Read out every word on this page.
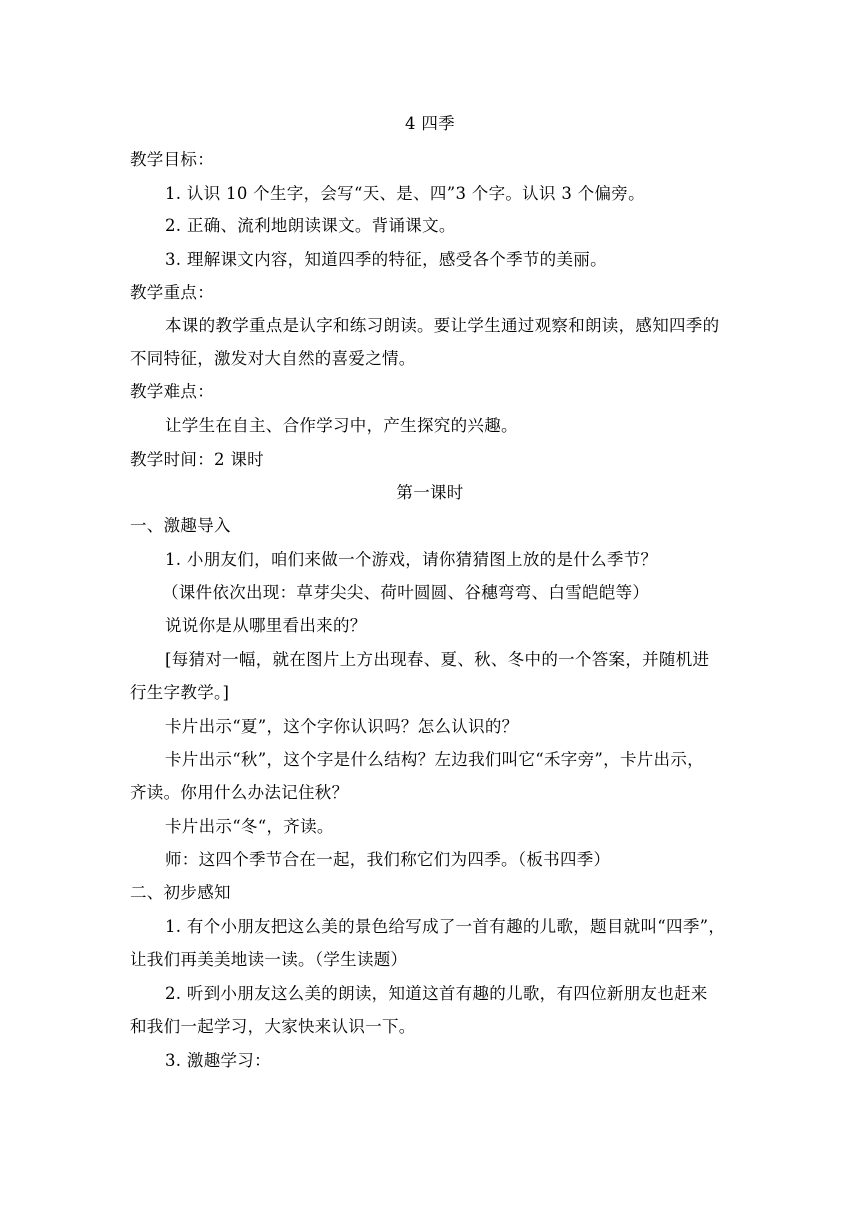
4 四季
教学目标：
1. 认识 10 个生字，会写“天、是、四”3 个字。认识 3 个偏旁。
2. 正确、流利地朗读课文。背诵课文。
3. 理解课文内容，知道四季的特征，感受各个季节的美丽。
教学重点：
本课的教学重点是认字和练习朗读。要让学生通过观察和朗读，感知四季的
不同特征，激发对大自然的喜爱之情。
教学难点：
让学生在自主、合作学习中，产生探究的兴趣。
教学时间：2 课时
第一课时
一、激趣导入
1. 小朋友们，咱们来做一个游戏，请你猜猜图上放的是什么季节？
（课件依次出现：草芽尖尖、荷叶圆圆、谷穗弯弯、白雪皑皑等）
说说你是从哪里看出来的？
[每猜对一幅，就在图片上方出现春、夏、秋、冬中的一个答案，并随机进
行生字教学。]
卡片出示“夏”，这个字你认识吗？怎么认识的？
卡片出示“秋”，这个字是什么结构？左边我们叫它“禾字旁”，卡片出示，
齐读。你用什么办法记住秋？
卡片出示“冬“，齐读。
师：这四个季节合在一起，我们称它们为四季。（板书四季）
二、初步感知
1. 有个小朋友把这么美的景色给写成了一首有趣的儿歌，题目就叫“四季”，
让我们再美美地读一读。（学生读题）
2. 听到小朋友这么美的朗读，知道这首有趣的儿歌，有四位新朋友也赶来
和我们一起学习，大家快来认识一下。
3. 激趣学习：
